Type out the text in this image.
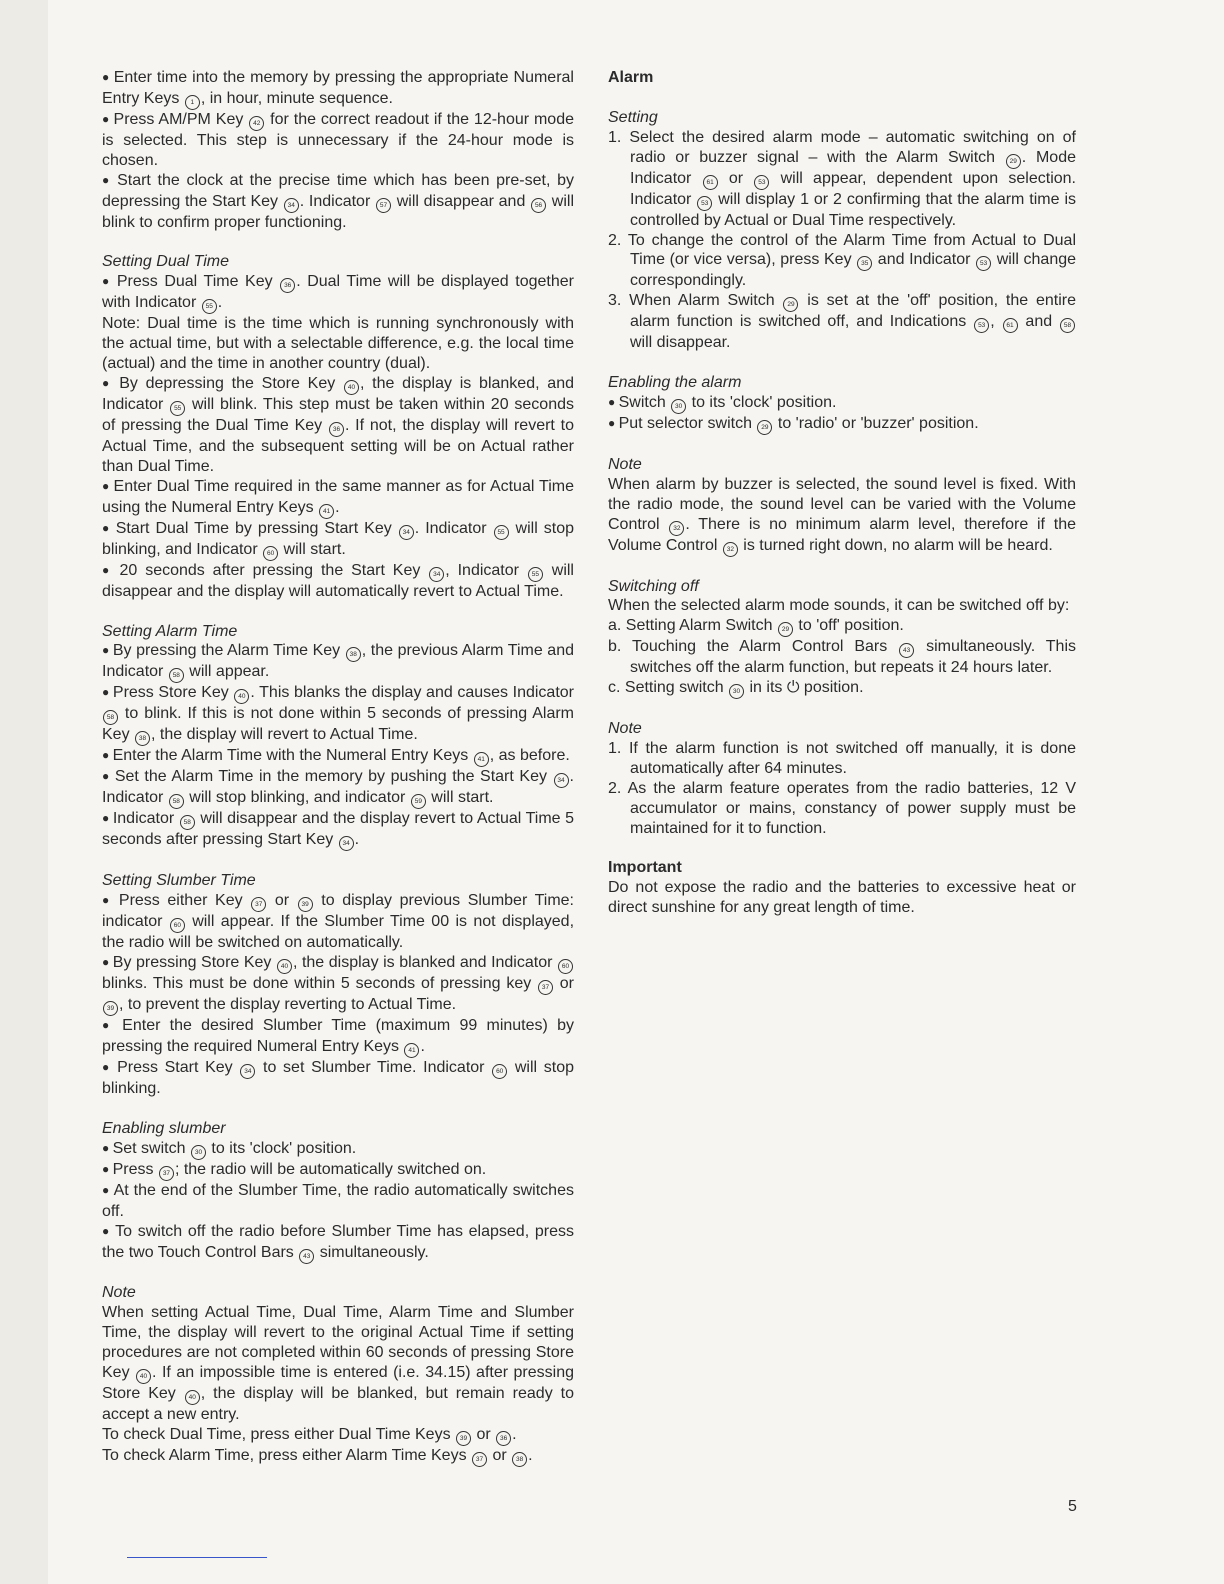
● Enter time into the memory by pressing the appropriate Numeral Entry Keys 1 , in hour, minute sequence.

● Press AM/PM Key 42 for the correct readout if the 12-hour mode is selected. This step is unnecessary if the 24-hour mode is chosen.

● Start the clock at the precise time which has been pre-set, by depressing the Start Key 34 . Indicator 57 will disappear and 56 will blink to confirm proper functioning.

Setting Dual Time

● Press Dual Time Key 36 . Dual Time will be displayed together with Indicator 55 .

Note: Dual time is the time which is running synchronously with the actual time, but with a selectable difference, e.g. the local time (actual) and the time in another country (dual).

● By depressing the Store Key 40 , the display is blanked, and Indicator 55 will blink. This step must be taken within 20 seconds of pressing the Dual Time Key 36 . If not, the display will revert to Actual Time, and the subsequent setting will be on Actual rather than Dual Time.

● Enter Dual Time required in the same manner as for Actual Time using the Numeral Entry Keys 41 .

● Start Dual Time by pressing Start Key 34 . Indicator 55 will stop blinking, and Indicator 60 will start.

● 20 seconds after pressing the Start Key 34 , Indicator 55 will disappear and the display will automatically revert to Actual Time.

Setting Alarm Time

● By pressing the Alarm Time Key 38 , the previous Alarm Time and Indicator 58 will appear.

● Press Store Key 40 . This blanks the display and causes Indicator 58 to blink. If this is not done within 5 seconds of pressing Alarm Key 38 , the display will revert to Actual Time.

● Enter the Alarm Time with the Numeral Entry Keys 41 , as before.

● Set the Alarm Time in the memory by pushing the Start Key 34 . Indicator 58 will stop blinking, and indicator 59 will start.

● Indicator 58 will disappear and the display revert to Actual Time 5 seconds after pressing Start Key 34 .

Setting Slumber Time

● Press either Key 37 or 39 to display previous Slumber Time: indicator 60 will appear. If the Slumber Time 00 is not displayed, the radio will be switched on automatically.

● By pressing Store Key 40 , the display is blanked and Indicator 60 blinks. This must be done within 5 seconds of pressing key 37 or 39 , to prevent the display reverting to Actual Time.

● Enter the desired Slumber Time (maximum 99 minutes) by pressing the required Numeral Entry Keys 41 .

● Press Start Key 34 to set Slumber Time. Indicator 60 will stop blinking.

Enabling slumber

● Set switch 30 to its 'clock' position.

● Press 37 ; the radio will be automatically switched on.

● At the end of the Slumber Time, the radio automatically switches off.

● To switch off the radio before Slumber Time has elapsed, press the two Touch Control Bars 43 simultaneously.

Note

When setting Actual Time, Dual Time, Alarm Time and Slumber Time, the display will revert to the original Actual Time if setting procedures are not completed within 60 seconds of pressing Store Key 40 . If an impossible time is entered (i.e. 34.15) after pressing Store Key 40 , the display will be blanked, but remain ready to accept a new entry.

To check Dual Time, press either Dual Time Keys 39 or 36 .

To check Alarm Time, press either Alarm Time Keys 37 or 38 .

Alarm

Setting

1. Select the desired alarm mode – automatic switching on of radio or buzzer signal – with the Alarm Switch 29 . Mode Indicator 61 or 53 will appear, dependent upon selection. Indicator 53 will display 1 or 2 confirming that the alarm time is controlled by Actual or Dual Time respectively.

2. To change the control of the Alarm Time from Actual to Dual Time (or vice versa), press Key 35 and Indicator 53 will change correspondingly.

3. When Alarm Switch 29 is set at the 'off' position, the entire alarm function is switched off, and Indications 53 , 61 and 58 will disappear.

Enabling the alarm

● Switch 30 to its 'clock' position.

● Put selector switch 29 to 'radio' or 'buzzer' position.

Note

When alarm by buzzer is selected, the sound level is fixed. With the radio mode, the sound level can be varied with the Volume Control 32 . There is no minimum alarm level, therefore if the Volume Control 32 is turned right down, no alarm will be heard.

Switching off

When the selected alarm mode sounds, it can be switched off by:

a. Setting Alarm Switch 29 to 'off' position.

b. Touching the Alarm Control Bars 43 simultaneously. This switches off the alarm function, but repeats it 24 hours later.

c. Setting switch 30 in its ⏻ position.

Note

1. If the alarm function is not switched off manually, it is done automatically after 64 minutes.

2. As the alarm feature operates from the radio batteries, 12 V accumulator or mains, constancy of power supply must be maintained for it to function.

Important

Do not expose the radio and the batteries to excessive heat or direct sunshine for any great length of time.

5
